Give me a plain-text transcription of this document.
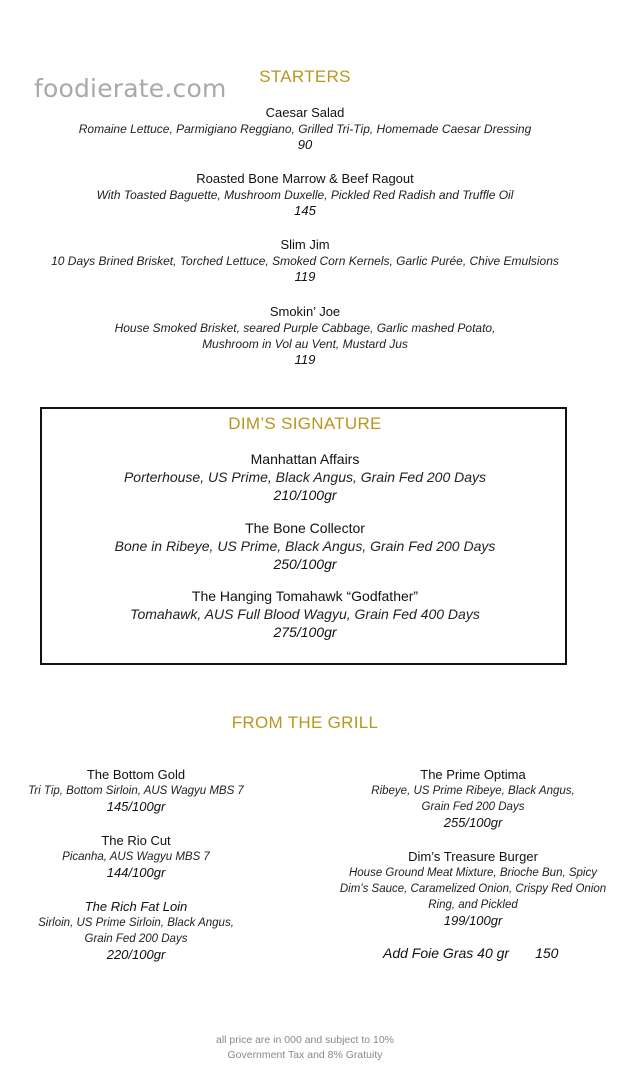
foodierate.com	STARTERS
Caesar Salad
Romaine Lettuce, Parmigiano Reggiano, Grilled Tri-Tip, Homemade Caesar Dressing
90
Roasted Bone Marrow & Beef Ragout
With Toasted Baguette, Mushroom Duxelle, Pickled Red Radish and Truffle Oil
145
Slim Jim
10 Days Brined Brisket, Torched Lettuce, Smoked Corn Kernels, Garlic Purée, Chive Emulsions
119
Smokin’ Joe
House Smoked Brisket, seared Purple Cabbage, Garlic mashed Potato,
Mushroom in Vol au Vent, Mustard Jus
119
DIM’S SIGNATURE
Manhattan Affairs
Porterhouse, US Prime, Black Angus, Grain Fed 200 Days
210/100gr
The Bone Collector
Bone in Ribeye, US Prime, Black Angus, Grain Fed 200 Days
250/100gr
The Hanging Tomahawk “Godfather”
Tomahawk, AUS Full Blood Wagyu, Grain Fed 400 Days
275/100gr
FROM THE GRILL
The Bottom Gold
Tri Tip, Bottom Sirloin, AUS Wagyu MBS 7
145/100gr
The Rio Cut
Picanha, AUS Wagyu MBS 7
144/100gr
The Rich Fat Loin
Sirloin, US Prime Sirloin, Black Angus,
Grain Fed 200 Days
220/100gr
The Prime Optima
Ribeye, US Prime Ribeye, Black Angus,
Grain Fed 200 Days
255/100gr
Dim’s Treasure Burger
House Ground Meat Mixture, Brioche Bun, Spicy
Dim’s Sauce, Caramelized Onion, Crispy Red Onion
Ring, and Pickled
199/100gr
Add Foie Gras 40 gr 150
all price are in 000 and subject to 10%
Government Tax and 8% Gratuity
